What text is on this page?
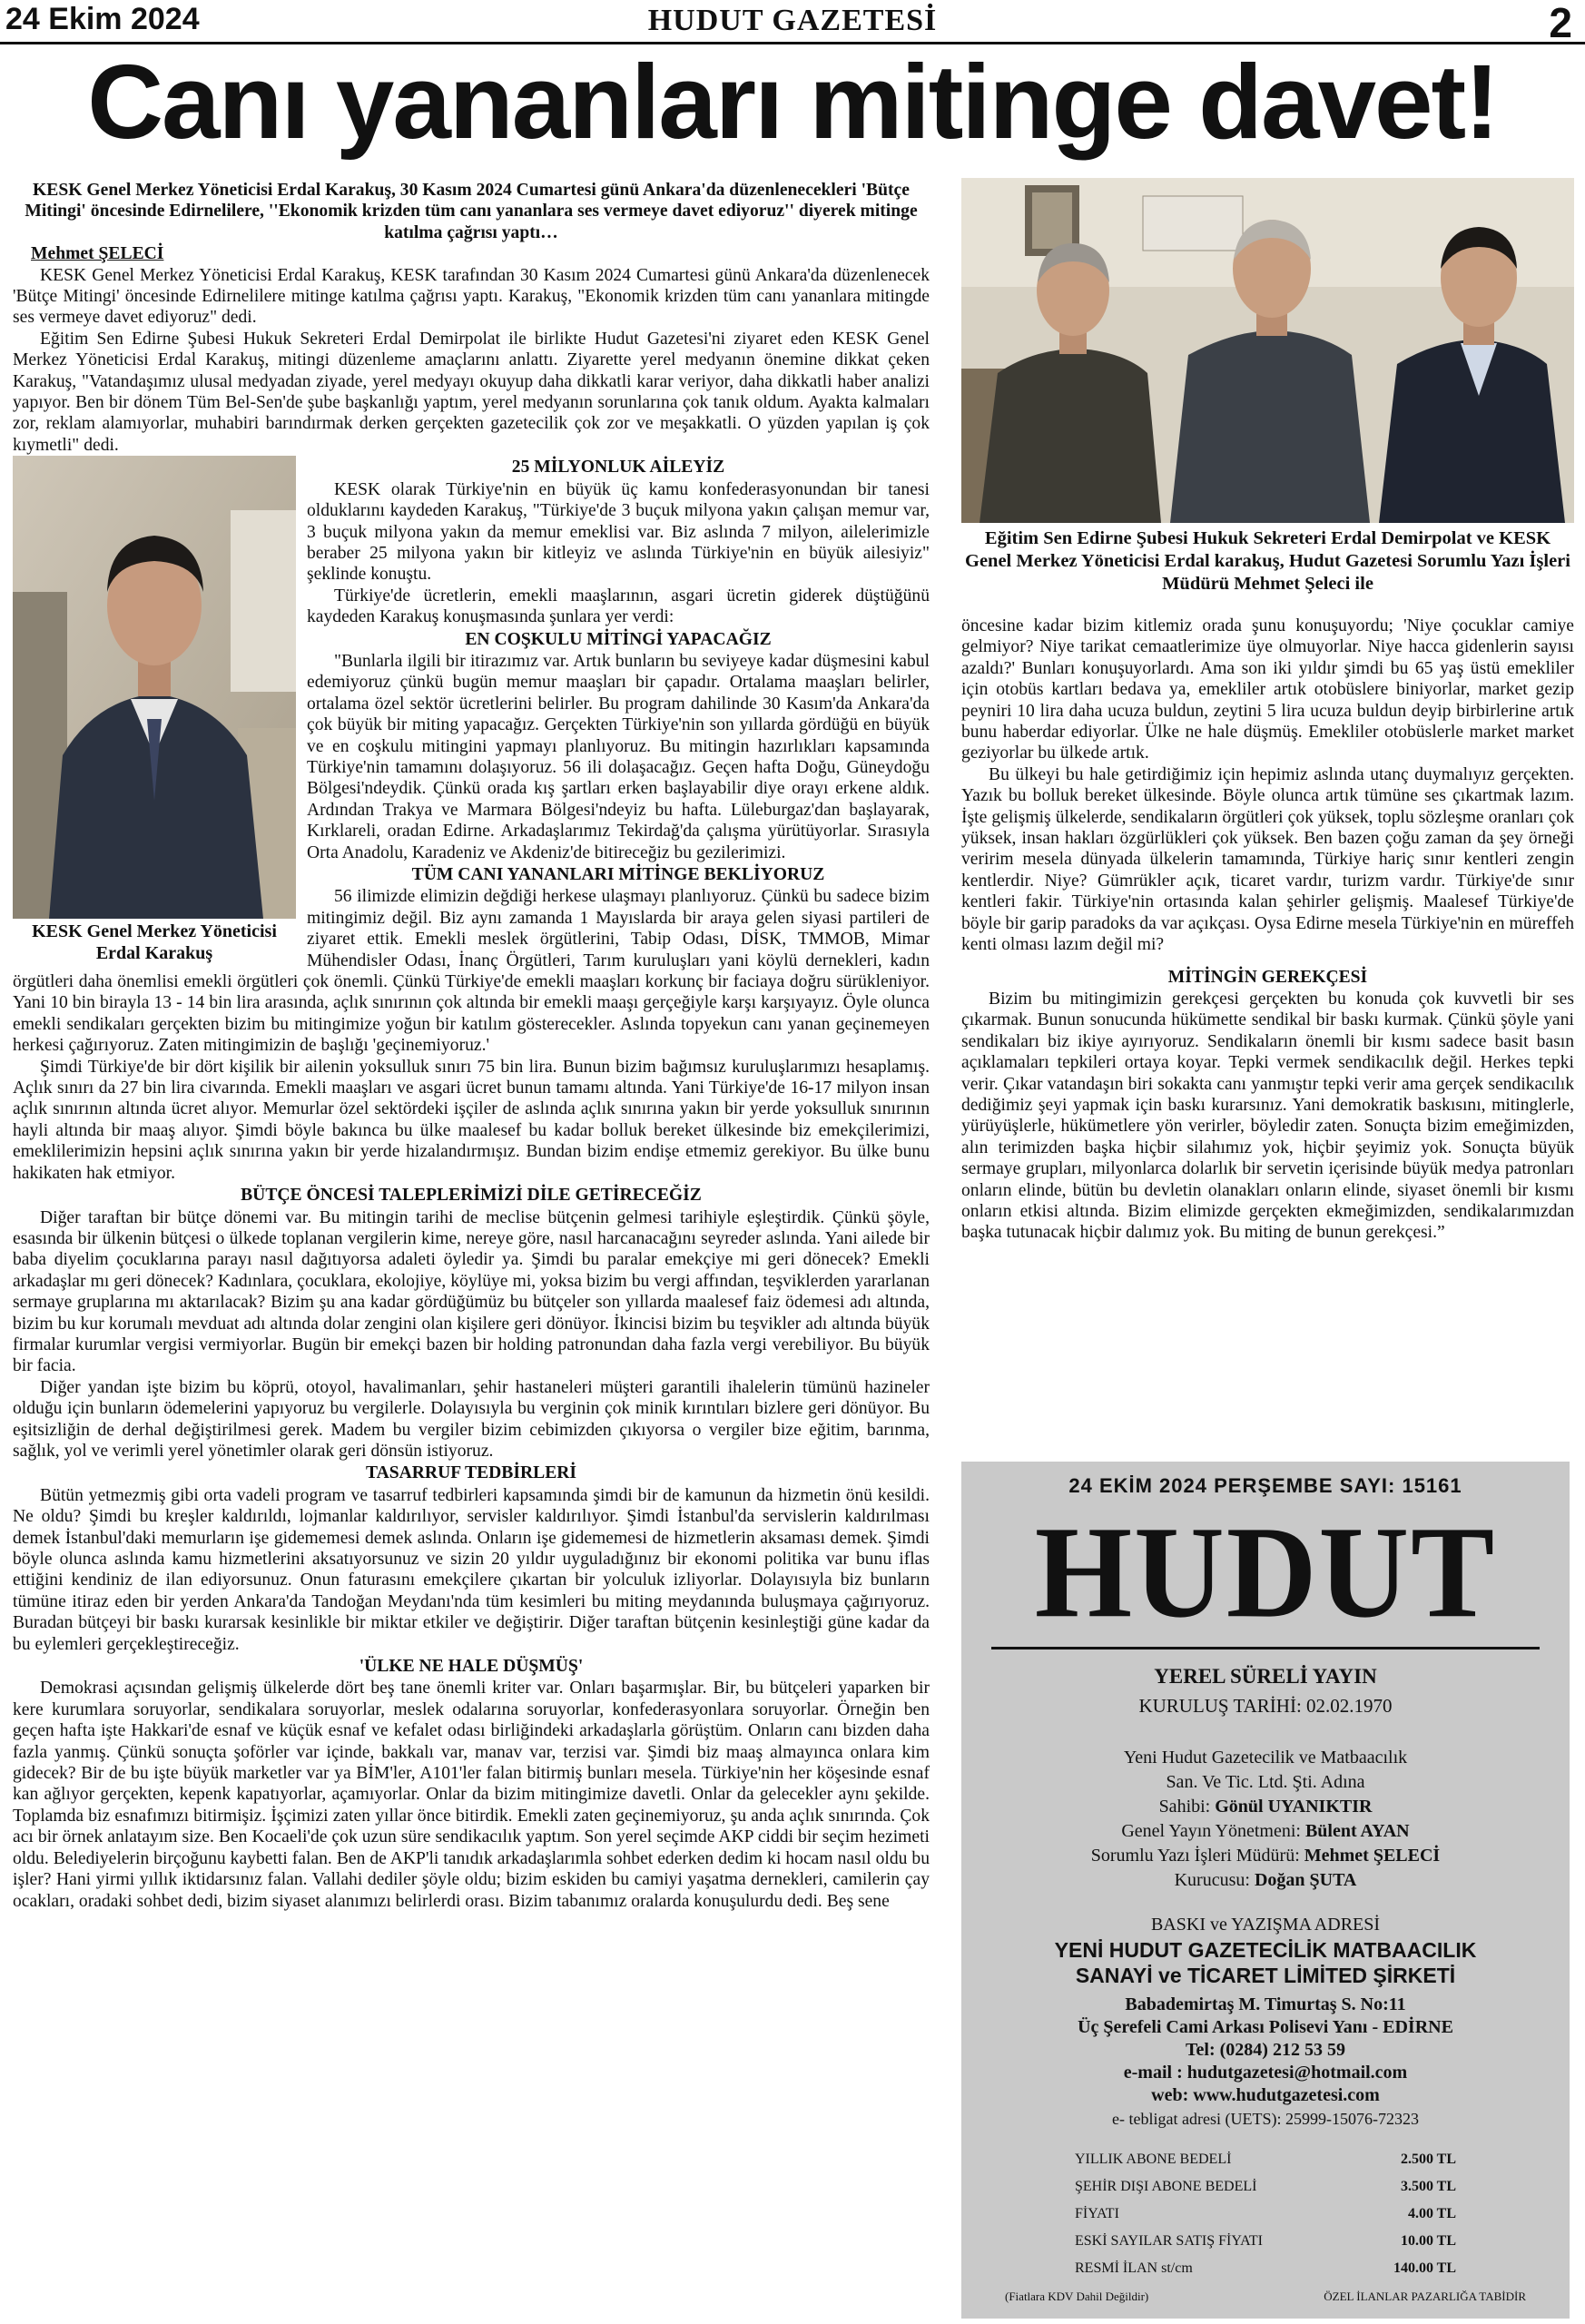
24 Ekim 2024	HUDUT GAZETESİ	2
Canı yananları mitinge davet!

KESK Genel Merkez Yöneticisi Erdal Karakuş, 30 Kasım 2024 Cumartesi günü Ankara'da düzenlenecekleri 'Bütçe Mitingi' öncesinde Edirnelilere, ''Ekonomik krizden tüm canı yananlara ses vermeye davet ediyoruz'' diyerek mitinge katılma çağrısı yaptı…

Mehmet ŞELECİ

KESK Genel Merkez Yöneticisi Erdal Karakuş, KESK tarafından 30 Kasım 2024 Cumartesi günü Ankara'da düzenlenecek 'Bütçe Mitingi' öncesinde Edirnelilere mitinge katılma çağrısı yaptı. Karakuş, "Ekonomik krizden tüm canı yananlara mitingde ses vermeye davet ediyoruz" dedi.

Eğitim Sen Edirne Şubesi Hukuk Sekreteri Erdal Demirpolat ile birlikte Hudut Gazetesi'ni ziyaret eden KESK Genel Merkez Yöneticisi Erdal Karakuş, mitingi düzenleme amaçlarını anlattı. Ziyarette yerel medyanın önemine dikkat çeken Karakuş, "Vatandaşımız ulusal medyadan ziyade, yerel medyayı okuyup daha dikkatli karar veriyor, daha dikkatli haber analizi yapıyor. Ben bir dönem Tüm Bel-Sen'de şube başkanlığı yaptım, yerel medyanın sorunlarına çok tanık oldum. Ayakta kalmaları zor, reklam alamıyorlar, muhabiri barındırmak derken gerçekten gazetecilik çok zor ve meşakkatli. O yüzden yapılan iş çok kıymetli" dedi.

KESK Genel Merkez Yöneticisi Erdal Karakuş

25 MİLYONLUK AİLEYİZ

KESK olarak Türkiye'nin en büyük üç kamu konfederasyonundan bir tanesi olduklarını kaydeden Karakuş, "Türkiye'de 3 buçuk milyona yakın çalışan memur var, 3 buçuk milyona yakın da memur emeklisi var. Biz aslında 7 milyon, ailelerimizle beraber 25 milyona yakın bir kitleyiz ve aslında Türkiye'nin en büyük ailesiyiz" şeklinde konuştu.

Türkiye'de ücretlerin, emekli maaşlarının, asgari ücretin giderek düştüğünü kaydeden Karakuş konuşmasında şunlara yer verdi:

EN COŞKULU MİTİNGİ YAPACAĞIZ

"Bunlarla ilgili bir itirazımız var. Artık bunların bu seviyeye kadar düşmesini kabul edemiyoruz çünkü bugün memur maaşları bir çapadır. Ortalama maaşları belirler, ortalama özel sektör ücretlerini belirler. Bu program dahilinde 30 Kasım'da Ankara'da çok büyük bir miting yapacağız. Gerçekten Türkiye'nin son yıllarda gördüğü en büyük ve en coşkulu mitingini yapmayı planlıyoruz. Bu mitingin hazırlıkları kapsamında Türkiye'nin tamamını dolaşıyoruz. 56 ili dolaşacağız. Geçen hafta Doğu, Güneydoğu Bölgesi'ndeydik. Çünkü orada kış şartları erken başlayabilir diye orayı erkene aldık. Ardından Trakya ve Marmara Bölgesi'ndeyiz bu hafta. Lüleburgaz'dan başlayarak, Kırklareli, oradan Edirne. Arkadaşlarımız Tekirdağ'da çalışma yürütüyorlar. Sırasıyla Orta Anadolu, Karadeniz ve Akdeniz'de bitireceğiz bu gezilerimizi.

TÜM CANI YANANLARI MİTİNGE BEKLİYORUZ

56 ilimizde elimizin değdiği herkese ulaşmayı planlıyoruz. Çünkü bu sadece bizim mitingimiz değil. Biz aynı zamanda 1 Mayıslarda bir araya gelen siyasi partileri de ziyaret ettik. Emekli meslek örgütlerini, Tabip Odası, DİSK, TMMOB, Mimar Mühendisler Odası, İnanç Örgütleri, Tarım kuruluşları yani köylü dernekleri, kadın örgütleri daha önemlisi emekli örgütleri çok önemli. Çünkü Türkiye'de emekli maaşları korkunç bir faciaya doğru sürükleniyor. Yani 10 bin birayla 13 - 14 bin lira arasında, açlık sınırının çok altında bir emekli maaşı gerçeğiyle karşı karşıyayız. Öyle olunca emekli sendikaları gerçekten bizim bu mitingimize yoğun bir katılım gösterecekler. Aslında topyekun canı yanan geçinemeyen herkesi çağırıyoruz. Zaten mitingimizin de başlığı 'geçinemiyoruz.'

Şimdi Türkiye'de bir dört kişilik bir ailenin yoksulluk sınırı 75 bin lira. Bunun bizim bağımsız kuruluşlarımızı hesaplamış. Açlık sınırı da 27 bin lira civarında. Emekli maaşları ve asgari ücret bunun tamamı altında. Yani Türkiye'de 16-17 milyon insan açlık sınırının altında ücret alıyor. Memurlar özel sektördeki işçiler de aslında açlık sınırına yakın bir yerde yoksulluk sınırının hayli altında bir maaş alıyor. Şimdi böyle bakınca bu ülke maalesef bu kadar bolluk bereket ülkesinde biz emekçilerimizi, emeklilerimizin hepsini açlık sınırına yakın bir yerde hizalandırmışız. Bundan bizim endişe etmemiz gerekiyor. Bu ülke bunu hakikaten hak etmiyor.

BÜTÇE ÖNCESİ TALEPLERİMİZİ DİLE GETİRECEĞİZ

Diğer taraftan bir bütçe dönemi var. Bu mitingin tarihi de meclise bütçenin gelmesi tarihiyle eşleştirdik. Çünkü şöyle, esasında bir ülkenin bütçesi o ülkede toplanan vergilerin kime, nereye göre, nasıl harcanacağını seyreder aslında. Yani ailede bir baba diyelim çocuklarına parayı nasıl dağıtıyorsa adaleti öyledir ya. Şimdi bu paralar emekçiye mi geri dönecek? Emekli arkadaşlar mı geri dönecek? Kadınlara, çocuklara, ekolojiye, köylüye mi, yoksa bizim bu vergi affından, teşviklerden yararlanan sermaye gruplarına mı aktarılacak? Bizim şu ana kadar gördüğümüz bu bütçeler son yıllarda maalesef faiz ödemesi adı altında, bizim bu kur korumalı mevduat adı altında dolar zengini olan kişilere geri dönüyor. İkincisi bizim bu teşvikler adı altında büyük firmalar kurumlar vergisi vermiyorlar. Bugün bir emekçi bazen bir holding patronundan daha fazla vergi verebiliyor. Bu büyük bir facia.

Diğer yandan işte bizim bu köprü, otoyol, havalimanları, şehir hastaneleri müşteri garantili ihalelerin tümünü hazineler olduğu için bunların ödemelerini yapıyoruz bu vergilerle. Dolayısıyla bu verginin çok minik kırıntıları bizlere geri dönüyor. Bu eşitsizliğin de derhal değiştirilmesi gerek. Madem bu vergiler bizim cebimizden çıkıyorsa o vergiler bize eğitim, barınma, sağlık, yol ve verimli yerel yönetimler olarak geri dönsün istiyoruz.

TASARRUF TEDBİRLERİ

Bütün yetmezmiş gibi orta vadeli program ve tasarruf tedbirleri kapsamında şimdi bir de kamunun da hizmetin önü kesildi. Ne oldu? Şimdi bu kreşler kaldırıldı, lojmanlar kaldırılıyor, servisler kaldırılıyor. Şimdi İstanbul'da servislerin kaldırılması demek İstanbul'daki memurların işe gidememesi demek aslında. Onların işe gidememesi de hizmetlerin aksaması demek. Şimdi böyle olunca aslında kamu hizmetlerini aksatıyorsunuz ve sizin 20 yıldır uyguladığınız bir ekonomi politika var bunu iflas ettiğini kendiniz de ilan ediyorsunuz. Onun faturasını emekçilere çıkartan bir yolculuk izliyorlar. Dolayısıyla biz bunların tümüne itiraz eden bir yerden Ankara'da Tandoğan Meydanı'nda tüm kesimleri bu miting meydanında buluşmaya çağırıyoruz. Buradan bütçeyi bir baskı kurarsak kesinlikle bir miktar etkiler ve değiştirir. Diğer taraftan bütçenin kesinleştiği güne kadar da bu eylemleri gerçekleştireceğiz.

'ÜLKE NE HALE DÜŞMÜŞ'

Demokrasi açısından gelişmiş ülkelerde dört beş tane önemli kriter var. Onları başarmışlar. Bir, bu bütçeleri yaparken bir kere kurumlara soruyorlar, sendikalara soruyorlar, meslek odalarına soruyorlar, konfederasyonlara soruyorlar. Örneğin ben geçen hafta işte Hakkari'de esnaf ve küçük esnaf ve kefalet odası birliğindeki arkadaşlarla görüştüm. Onların canı bizden daha fazla yanmış. Çünkü sonuçta şoförler var içinde, bakkalı var, manav var, terzisi var. Şimdi biz maaş almayınca onlara kim gidecek? Bir de bu işte büyük marketler var ya BİM'ler, A101'ler falan bitirmiş bunları mesela. Türkiye'nin her köşesinde esnaf kan ağlıyor gerçekten, kepenk kapatıyorlar, açamıyorlar. Onlar da bizim mitingimize davetli. Onlar da gelecekler aynı şekilde. Toplamda biz esnafımızı bitirmişiz. İşçimizi zaten yıllar önce bitirdik. Emekli zaten geçinemiyoruz, şu anda açlık sınırında. Çok acı bir örnek anlatayım size. Ben Kocaeli'de çok uzun süre sendikacılık yaptım. Son yerel seçimde AKP ciddi bir seçim hezimeti oldu. Belediyelerin birçoğunu kaybetti falan. Ben de AKP'li tanıdık arkadaşlarımla sohbet ederken dedim ki hocam nasıl oldu bu işler? Hani yirmi yıllık iktidarsınız falan. Vallahi dediler şöyle oldu; bizim eskiden bu camiyi yaşatma dernekleri, camilerin çay ocakları, oradaki sohbet dedi, bizim siyaset alanımızı belirlerdi orası. Bizim tabanımız oralarda konuşulurdu dedi. Beş sene

Eğitim Sen Edirne Şubesi Hukuk Sekreteri Erdal Demirpolat ve KESK Genel Merkez Yöneticisi Erdal karakuş, Hudut Gazetesi Sorumlu Yazı İşleri Müdürü Mehmet Şeleci ile

öncesine kadar bizim kitlemiz orada şunu konuşuyordu; 'Niye çocuklar camiye gelmiyor? Niye tarikat cemaatlerimize üye olmuyorlar. Niye hacca gidenlerin sayısı azaldı?' Bunları konuşuyorlardı. Ama son iki yıldır şimdi bu 65 yaş üstü emekliler için otobüs kartları bedava ya, emekliler artık otobüslere biniyorlar, market gezip peyniri 10 lira daha ucuza buldun, zeytini 5 lira ucuza buldun deyip birbirlerine artık bunu haberdar ediyorlar. Ülke ne hale düşmüş. Emekliler otobüslerle market market geziyorlar bu ülkede artık.

Bu ülkeyi bu hale getirdiğimiz için hepimiz aslında utanç duymalıyız gerçekten. Yazık bu bolluk bereket ülkesinde. Böyle olunca artık tümüne ses çıkartmak lazım. İşte gelişmiş ülkelerde, sendikaların örgütleri çok yüksek, toplu sözleşme oranları çok yüksek, insan hakları özgürlükleri çok yüksek. Ben bazen çoğu zaman da şey örneği veririm mesela dünyada ülkelerin tamamında, Türkiye hariç sınır kentleri zengin kentlerdir. Niye? Gümrükler açık, ticaret vardır, turizm vardır. Türkiye'de sınır kentleri fakir. Türkiye'nin ortasında kalan şehirler gelişmiş. Maalesef Türkiye'de böyle bir garip paradoks da var açıkçası. Oysa Edirne mesela Türkiye'nin en müreffeh kenti olması lazım değil mi?

MİTİNGİN GEREKÇESİ

Bizim bu mitingimizin gerekçesi gerçekten bu konuda çok kuvvetli bir ses çıkarmak. Bunun sonucunda hükümette sendikal bir baskı kurmak. Çünkü şöyle yani sendikaları biz ikiye ayırıyoruz. Sendikaların önemli bir kısmı sadece basit basın açıklamaları tepkileri ortaya koyar. Tepki vermek sendikacılık değil. Herkes tepki verir. Çıkar vatandaşın biri sokakta canı yanmıştır tepki verir ama gerçek sendikacılık dediğimiz şeyi yapmak için baskı kurarsınız. Yani demokratik baskısını, mitinglerle, yürüyüşlerle, hükümetlere yön verirler, böyledir zaten. Sonuçta bizim emeğimizden, alın terimizden başka hiçbir silahımız yok, hiçbir şeyimiz yok. Sonuçta büyük sermaye grupları, milyonlarca dolarlık bir servetin içerisinde büyük medya patronları onların elinde, bütün bu devletin olanakları onların elinde, siyaset önemli bir kısmı onların etkisi altında. Bizim elimizde gerçekten ekmeğimizden, sendikalarımızdan başka tutunacak hiçbir dalımız yok. Bu miting de bunun gerekçesi.”

24 EKİM 2024 PERŞEMBE SAYI: 15161
HUDUT
YEREL SÜRELİ YAYIN
KURULUŞ TARİHİ: 02.02.1970
Yeni Hudut Gazetecilik ve Matbaacılık
San. Ve Tic. Ltd. Şti. Adına
Sahibi: Gönül UYANIKTIR
Genel Yayın Yönetmeni: Bülent AYAN
Sorumlu Yazı İşleri Müdürü: Mehmet ŞELECİ
Kurucusu: Doğan ŞUTA
BASKI ve YAZIŞMA ADRESİ
YENİ HUDUT GAZETECİLİK MATBAACILIK
SANAYİ ve TİCARET LİMİTED ŞİRKETİ
Babademirtaş M. Timurtaş S. No:11
Üç Şerefeli Cami Arkası Polisevi Yanı - EDİRNE
Tel: (0284) 212 53 59
e-mail : hudutgazetesi@hotmail.com
web: www.hudutgazetesi.com
e- tebligat adresi (UETS): 25999-15076-72323
YILLIK ABONE BEDELİ	2.500 TL
ŞEHİR DIŞI ABONE BEDELİ	3.500 TL
FİYATI	4.00 TL
ESKİ SAYILAR SATIŞ FİYATI	10.00 TL
RESMİ İLAN st/cm	140.00 TL
(Fiatlara KDV Dahil Değildir)	ÖZEL İLANLAR PAZARLIĞA TABİDİR
